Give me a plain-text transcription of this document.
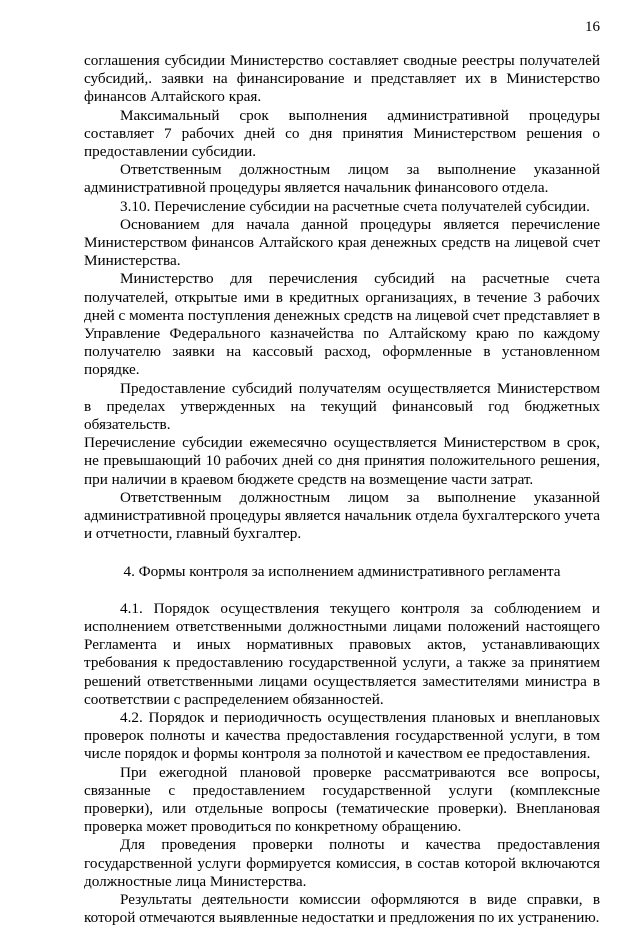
16

соглашения субсидии Министерство составляет сводные реестры получателей субсидий,. заявки на финансирование и представляет их в Министерство финансов Алтайского края.

Максимальный срок выполнения административной процедуры составляет 7 рабочих дней со дня принятия Министерством решения о предоставлении субсидии.

Ответственным должностным лицом за выполнение указанной административной процедуры является начальник финансового отдела.

3.10. Перечисление субсидии на расчетные счета получателей субсидии.

Основанием для начала данной процедуры является перечисление Министерством финансов Алтайского края денежных средств на лицевой счет Министерства.

Министерство для перечисления субсидий на расчетные счета получателей, открытые ими в кредитных организациях, в течение 3 рабочих дней с момента поступления денежных средств на лицевой счет представляет в Управление Федерального казначейства по Алтайскому краю по каждому получателю заявки на кассовый расход, оформленные в установленном порядке.

Предоставление субсидий получателям осуществляется Министерством в пределах утвержденных на текущий финансовый год бюджетных обязательств.

Перечисление субсидии ежемесячно осуществляется Министерством в срок, не превышающий 10 рабочих дней со дня принятия положительного решения, при наличии в краевом бюджете средств на возмещение части затрат.

Ответственным должностным лицом за выполнение указанной административной процедуры является начальник отдела бухгалтерского учета и отчетности, главный бухгалтер.

4. Формы контроля за исполнением административного регламента

4.1. Порядок осуществления текущего контроля за соблюдением и исполнением ответственными должностными лицами положений настоящего Регламента и иных нормативных правовых актов, устанавливающих требования к предоставлению государственной услуги, а также за принятием решений ответственными лицами осуществляется заместителями министра в соответствии с распределением обязанностей.

4.2. Порядок и периодичность осуществления плановых и внеплановых проверок полноты и качества предоставления государственной услуги, в том числе порядок и формы контроля за полнотой и качеством ее предоставления.

При ежегодной плановой проверке рассматриваются все вопросы, связанные с предоставлением государственной услуги (комплексные проверки), или отдельные вопросы (тематические проверки). Внеплановая проверка может проводиться по конкретному обращению.

Для проведения проверки полноты и качества предоставления государственной услуги формируется комиссия, в состав которой включаются должностные лица Министерства.

Результаты деятельности комиссии оформляются в виде справки, в которой отмечаются выявленные недостатки и предложения по их устранению.
